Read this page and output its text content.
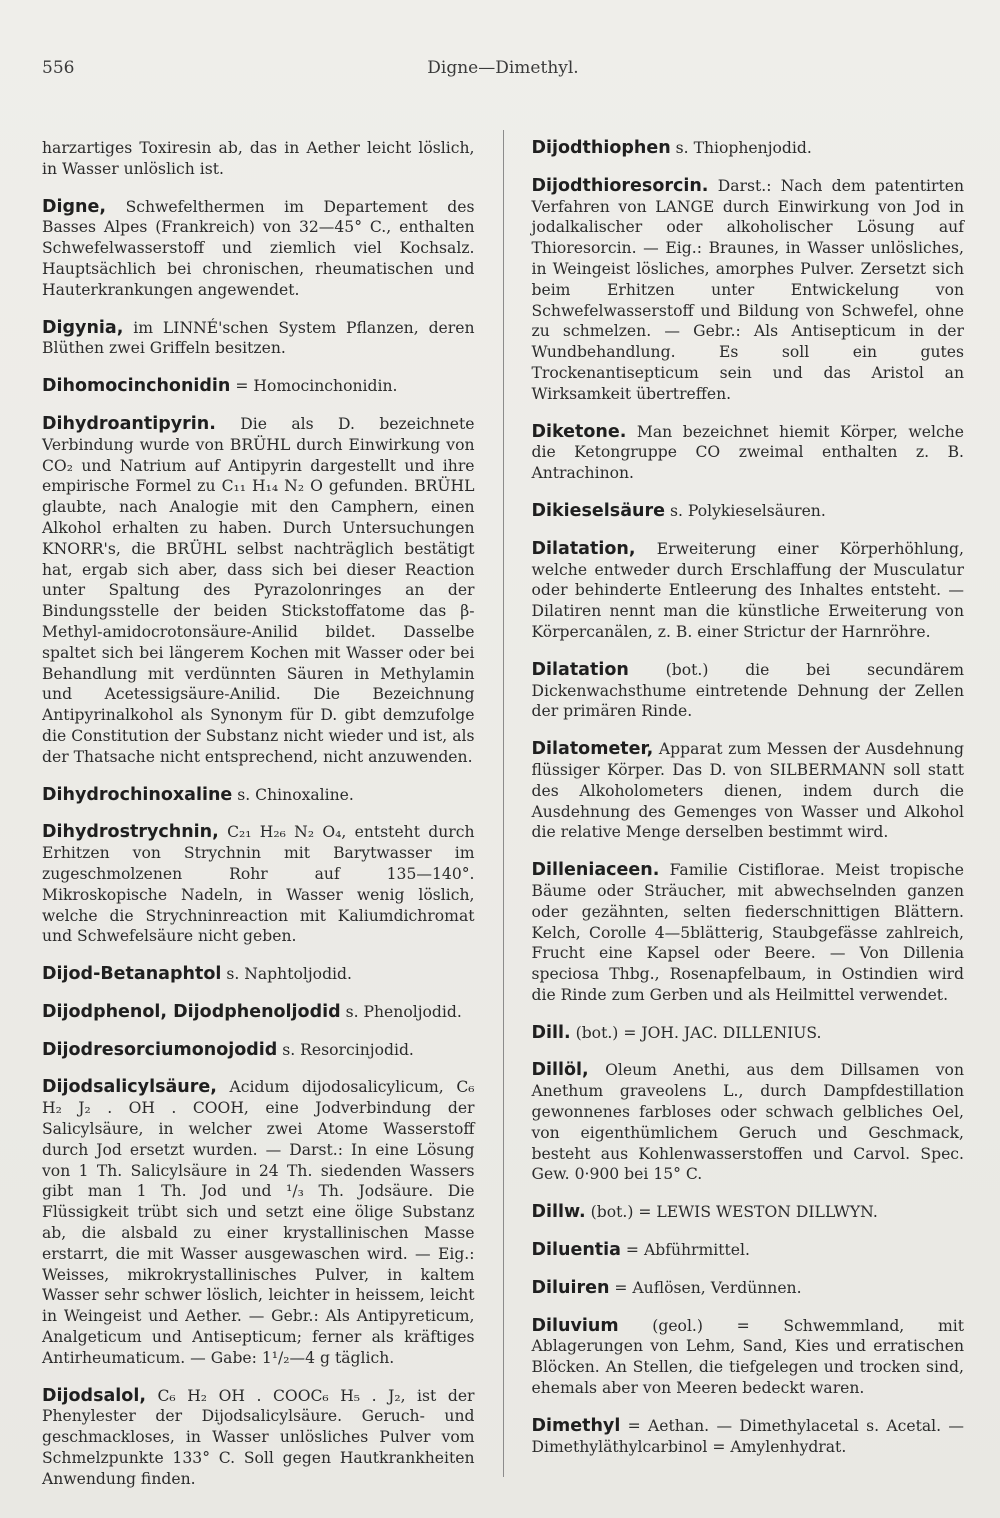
556	Digne—Dimethyl.

harzartiges Toxiresin ab, das in Aether leicht löslich, in Wasser unlöslich ist.

Digne, Schwefelthermen im Departement des Basses Alpes (Frankreich) von 32—45° C., enthalten Schwefelwasserstoff und ziemlich viel Kochsalz. Hauptsächlich bei chronischen, rheumatischen und Hauterkrankungen angewendet.

Digynia, im LINNÉ'schen System Pflanzen, deren Blüthen zwei Griffeln besitzen.

Dihomocinchonidin = Homocinchonidin.

Dihydroantipyrin. Die als D. bezeichnete Verbindung wurde von BRÜHL durch Einwirkung von CO₂ und Natrium auf Antipyrin dargestellt und ihre empirische Formel zu C₁₁ H₁₄ N₂ O gefunden. BRÜHL glaubte, nach Analogie mit den Camphern, einen Alkohol erhalten zu haben. Durch Untersuchungen KNORR's, die BRÜHL selbst nachträglich bestätigt hat, ergab sich aber, dass sich bei dieser Reaction unter Spaltung des Pyrazolonringes an der Bindungsstelle der beiden Stickstoffatome das β-Methyl-amidocrotonsäure-Anilid bildet. Dasselbe spaltet sich bei längerem Kochen mit Wasser oder bei Behandlung mit verdünnten Säuren in Methylamin und Acetessigsäure-Anilid. Die Bezeichnung Antipyrinalkohol als Synonym für D. gibt demzufolge die Constitution der Substanz nicht wieder und ist, als der Thatsache nicht entsprechend, nicht anzuwenden.

Dihydrochinoxaline s. Chinoxaline.

Dihydrostrychnin, C₂₁ H₂₆ N₂ O₄, entsteht durch Erhitzen von Strychnin mit Barytwasser im zugeschmolzenen Rohr auf 135—140°. Mikroskopische Nadeln, in Wasser wenig löslich, welche die Strychninreaction mit Kaliumdichromat und Schwefelsäure nicht geben.

Dijod-Betanaphtol s. Naphtoljodid.

Dijodphenol, Dijodphenoljodid s. Phenoljodid.

Dijodresorciumonojodid s. Resorcinjodid.

Dijodsalicylsäure, Acidum dijodosalicylicum, C₆ H₂ J₂ . OH . COOH, eine Jodverbindung der Salicylsäure, in welcher zwei Atome Wasserstoff durch Jod ersetzt wurden. — Darst.: In eine Lösung von 1 Th. Salicylsäure in 24 Th. siedenden Wassers gibt man 1 Th. Jod und ¹/₃ Th. Jodsäure. Die Flüssigkeit trübt sich und setzt eine ölige Substanz ab, die alsbald zu einer krystallinischen Masse erstarrt, die mit Wasser ausgewaschen wird. — Eig.: Weisses, mikrokrystallinisches Pulver, in kaltem Wasser sehr schwer löslich, leichter in heissem, leicht in Weingeist und Aether. — Gebr.: Als Antipyreticum, Analgeticum und Antisepticum; ferner als kräftiges Antirheumaticum. — Gabe: 1¹/₂—4 g täglich.

Dijodsalol, C₆ H₂ OH . COOC₆ H₅ . J₂, ist der Phenylester der Dijodsalicylsäure. Geruch- und geschmackloses, in Wasser unlösliches Pulver vom Schmelzpunkte 133° C. Soll gegen Hautkrankheiten Anwendung finden.

Dijodthiophen s. Thiophenjodid.

Dijodthioresorcin. Darst.: Nach dem patentirten Verfahren von LANGE durch Einwirkung von Jod in jodalkalischer oder alkoholischer Lösung auf Thioresorcin. — Eig.: Braunes, in Wasser unlösliches, in Weingeist lösliches, amorphes Pulver. Zersetzt sich beim Erhitzen unter Entwickelung von Schwefelwasserstoff und Bildung von Schwefel, ohne zu schmelzen. — Gebr.: Als Antisepticum in der Wundbehandlung. Es soll ein gutes Trockenantisepticum sein und das Aristol an Wirksamkeit übertreffen.

Diketone. Man bezeichnet hiemit Körper, welche die Ketongruppe CO zweimal enthalten z. B. Antrachinon.

Dikieselsäure s. Polykieselsäuren.

Dilatation, Erweiterung einer Körperhöhlung, welche entweder durch Erschlaffung der Musculatur oder behinderte Entleerung des Inhaltes entsteht. — Dilatiren nennt man die künstliche Erweiterung von Körpercanälen, z. B. einer Strictur der Harnröhre.

Dilatation (bot.) die bei secundärem Dickenwachsthume eintretende Dehnung der Zellen der primären Rinde.

Dilatometer, Apparat zum Messen der Ausdehnung flüssiger Körper. Das D. von SILBERMANN soll statt des Alkoholometers dienen, indem durch die Ausdehnung des Gemenges von Wasser und Alkohol die relative Menge derselben bestimmt wird.

Dilleniaceen. Familie Cistiflorae. Meist tropische Bäume oder Sträucher, mit abwechselnden ganzen oder gezähnten, selten fiederschnittigen Blättern. Kelch, Corolle 4—5blätterig, Staubgefässe zahlreich, Frucht eine Kapsel oder Beere. — Von Dillenia speciosa Thbg., Rosenapfelbaum, in Ostindien wird die Rinde zum Gerben und als Heilmittel verwendet.

Dill. (bot.) = JOH. JAC. DILLENIUS.

Dillöl, Oleum Anethi, aus dem Dillsamen von Anethum graveolens L., durch Dampfdestillation gewonnenes farbloses oder schwach gelbliches Oel, von eigenthümlichem Geruch und Geschmack, besteht aus Kohlenwasserstoffen und Carvol. Spec. Gew. 0·900 bei 15° C.

Dillw. (bot.) = LEWIS WESTON DILLWYN.

Diluentia = Abführmittel.

Diluiren = Auflösen, Verdünnen.

Diluvium (geol.) = Schwemmland, mit Ablagerungen von Lehm, Sand, Kies und erratischen Blöcken. An Stellen, die tiefgelegen und trocken sind, ehemals aber von Meeren bedeckt waren.

Dimethyl = Aethan. — Dimethylacetal s. Acetal. — Dimethyläthylcarbinol = Amylenhydrat.
